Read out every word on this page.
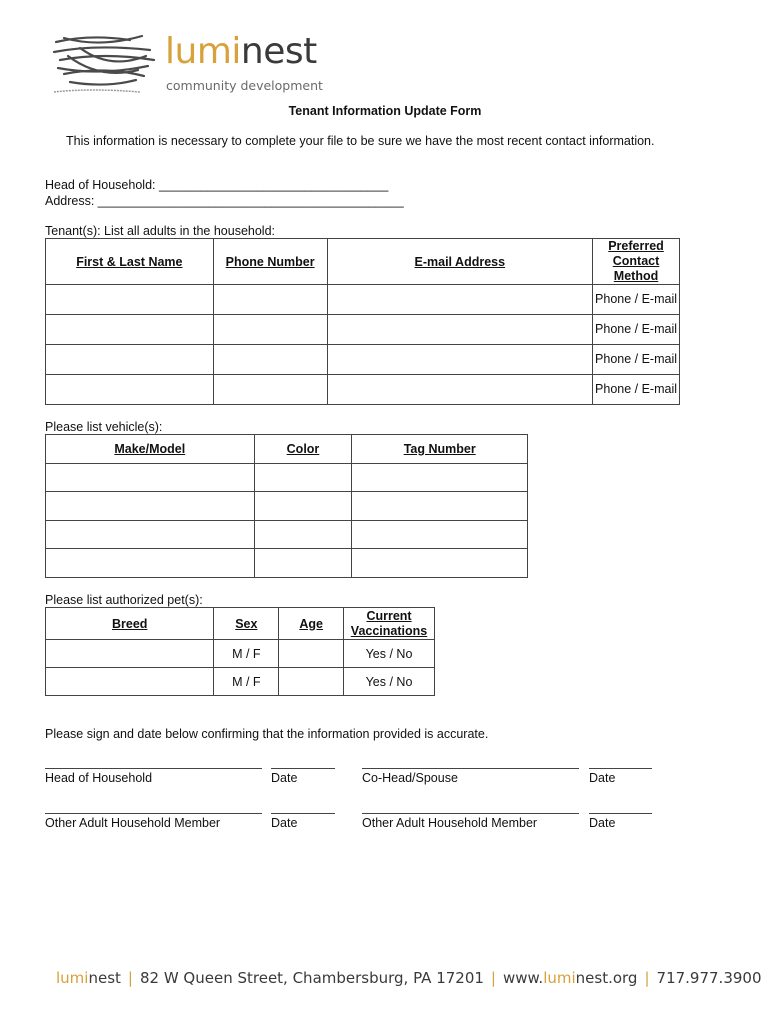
luminest
community development
Tenant Information Update Form
This information is necessary to complete your file to be sure we have the most recent contact information.
Head of Household: _________________________________
Address: ____________________________________________
Tenant(s): List all adults in the household:
First & Last Name	Phone Number	E-mail Address	Preferred Contact Method
			Phone / E-mail
			Phone / E-mail
			Phone / E-mail
			Phone / E-mail
Please list vehicle(s):
Make/Model	Color	Tag Number

Please list authorized pet(s):
Breed	Sex	Age	Current Vaccinations
	M / F		Yes / No
	M / F		Yes / No
Please sign and date below confirming that the information provided is accurate.
Head of Household	Date	Co-Head/Spouse	Date
Other Adult Household Member	Date	Other Adult Household Member	Date
luminest | 82 W Queen Street, Chambersburg, PA 17201 | www.luminest.org | 717.977.3900
